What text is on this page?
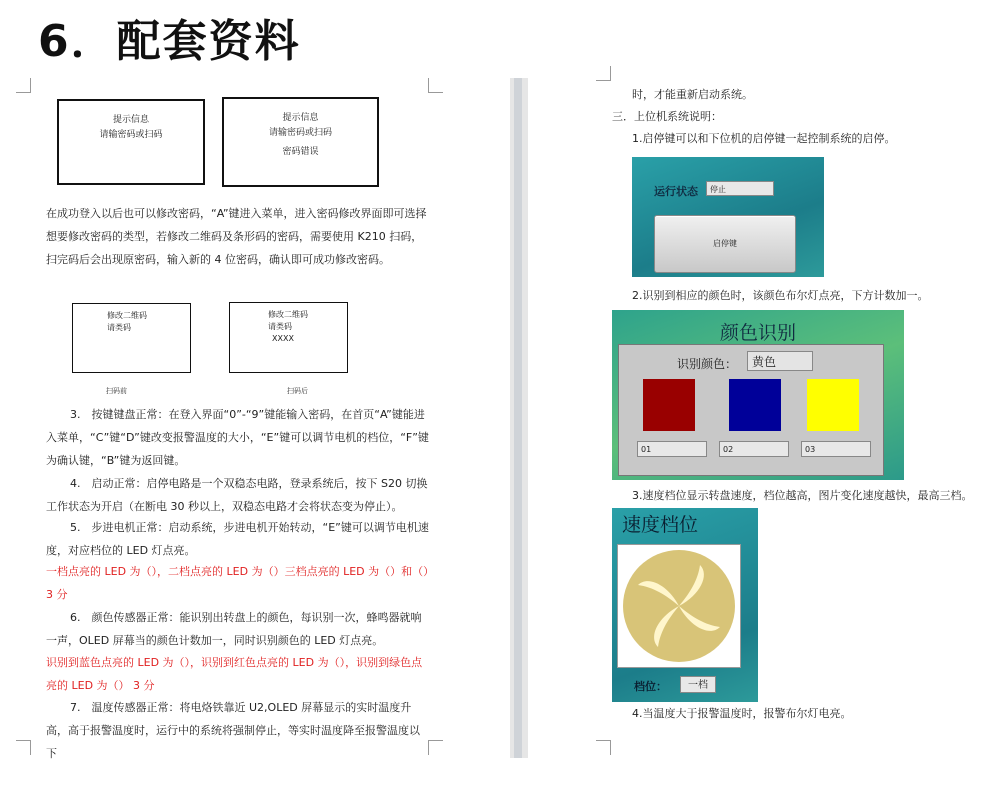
6．配套资料
提示信息
请输密码或扫码
提示信息
请输密码或扫码
密码错误
在成功登入以后也可以修改密码，“A”键进入菜单，进入密码修改界面即可选择想要修改密码的类型，若修改二维码及条形码的密码，需要使用 K210 扫码，扫完码后会出现原密码，输入新的 4 位密码，确认即可成功修改密码。
修改二维码
请类码
修改二维码
请类码
XXXX
扫码前	扫码后
3.　按键键盘正常：在登入界面“0”-“9”键能输入密码，在首页“A”键能进入菜单，“C”键“D”键改变报警温度的大小，“E”键可以调节电机的档位，“F”键为确认键，“B”键为返回键。
4.　启动正常：启停电路是一个双稳态电路，登录系统后，按下 S20 切换工作状态为开启（在断电 30 秒以上，双稳态电路才会将状态变为停止）。
5.　步进电机正常：启动系统，步进电机开始转动，“E”键可以调节电机速度，对应档位的 LED 灯点亮。
一档点亮的 LED 为（），二档点亮的 LED 为（）三档点亮的 LED 为（）和（）3 分
6.　颜色传感器正常：能识别出转盘上的颜色，每识别一次，蜂鸣器就响一声，OLED 屏幕当的颜色计数加一，同时识别颜色的 LED 灯点亮。
识别到蓝色点亮的 LED 为（），识别到红色点亮的 LED 为（），识别到绿色点亮的 LED 为（） 3 分
7.　温度传感器正常：将电烙铁靠近 U2,OLED 屏幕显示的实时温度升高，高于报警温度时，运行中的系统将强制停止，等实时温度降至报警温度以下
时，才能重新启动系统。
三．上位机系统说明：
1.启停键可以和下位机的启停键一起控制系统的启停。
运行状态	停止
启停键
2.识别到相应的颜色时，该颜色布尔灯点亮，下方计数加一。
颜色识别
识别颜色：	黄色
01	02	03
3.速度档位显示转盘速度，档位越高，图片变化速度越快，最高三档。
速度档位
档位：	一档
4.当温度大于报警温度时，报警布尔灯电亮。
